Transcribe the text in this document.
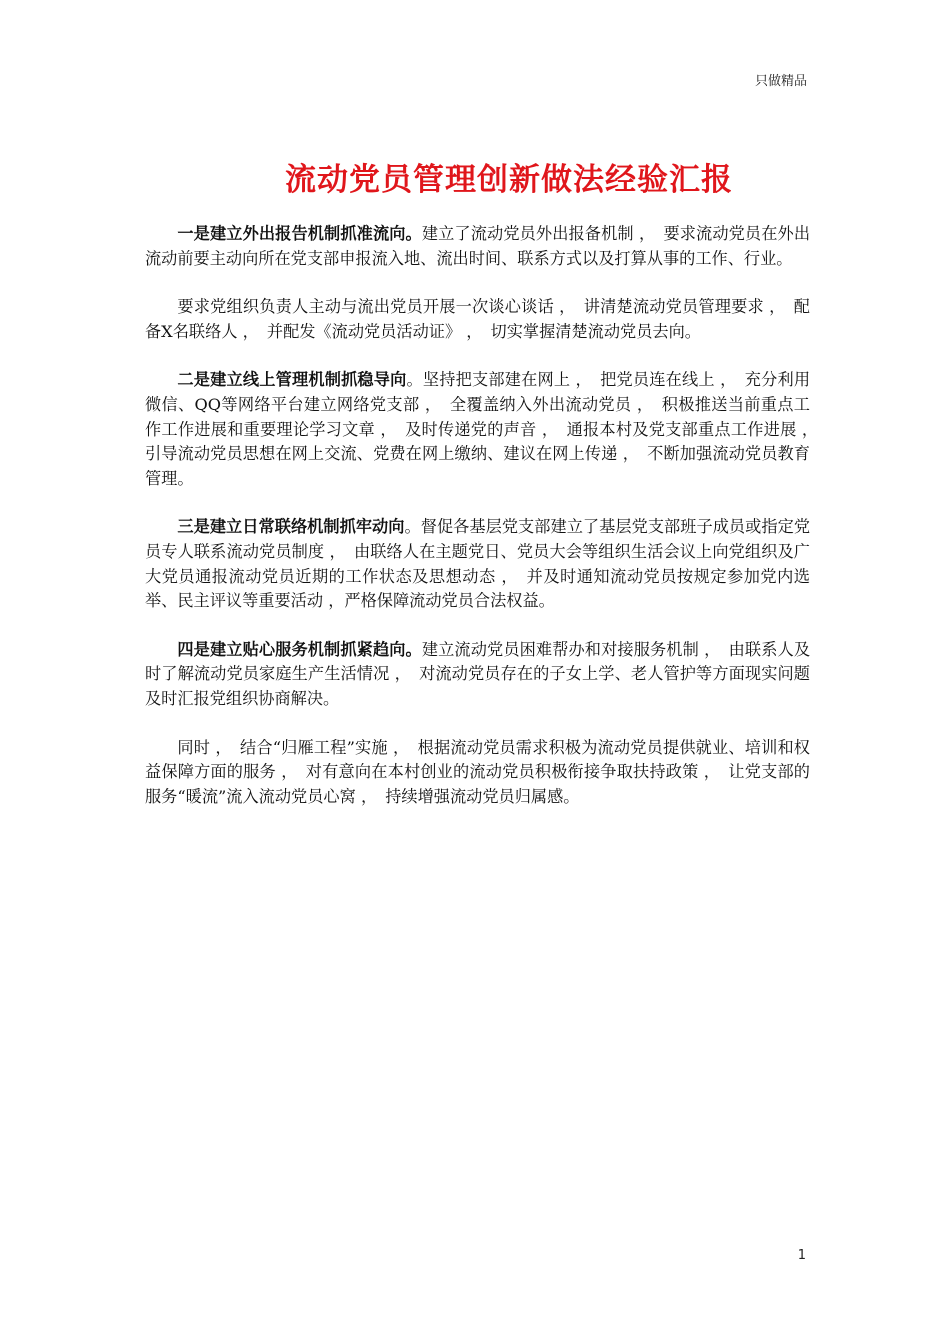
只做精品
流动党员管理创新做法经验汇报

一是建立外出报告机制抓准流向。建立了流动党员外出报备机制 ，　要求流动党员在外出流动前要主动向所在党支部申报流入地、流出时间、联系方式以及打算从事的工作、行业。

要求党组织负责人主动与流出党员开展一次谈心谈话 ，　讲清楚流动党员管理要求 ，　配备X名联络人 ，　并配发《流动党员活动证》 ，　切实掌握清楚流动党员去向。

二是建立线上管理机制抓稳导向。坚持把支部建在网上 ，　把党员连在线上 ，　充分利用微信、QQ等网络平台建立网络党支部 ，　全覆盖纳入外出流动党员 ，　积极推送当前重点工作工作进展和重要理论学习文章 ，　及时传递党的声音 ，　通报本村及党支部重点工作进展 ，　引导流动党员思想在网上交流、党费在网上缴纳、建议在网上传递 ，　不断加强流动党员教育管理。

三是建立日常联络机制抓牢动向。督促各基层党支部建立了基层党支部班子成员或指定党员专人联系流动党员制度 ，　由联络人在主题党日、党员大会等组织生活会议上向党组织及广大党员通报流动党员近期的工作状态及思想动态 ，　并及时通知流动党员按规定参加党内选举、民主评议等重要活动 ，严格保障流动党员合法权益。

四是建立贴心服务机制抓紧趋向。建立流动党员困难帮办和对接服务机制 ，　由联系人及时了解流动党员家庭生产生活情况 ，　对流动党员存在的子女上学、老人管护等方面现实问题及时汇报党组织协商解决。

同时 ，　结合“归雁工程”实施 ，　根据流动党员需求积极为流动党员提供就业、培训和权益保障方面的服务 ，　对有意向在本村创业的流动党员积极衔接争取扶持政策 ，　让党支部的服务“暖流”流入流动党员心窝 ，　持续增强流动党员归属感。

1
